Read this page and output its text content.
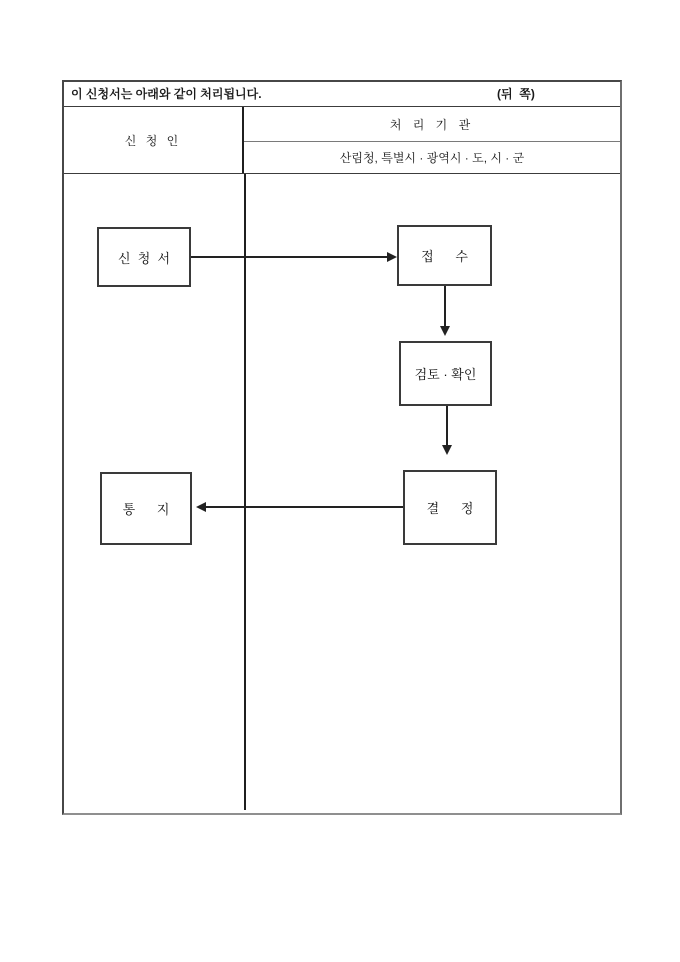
이 신청서는 아래와 같이 처리됩니다.

	(뒤  쪽)

신 청 인
처 리 기 관
산림청, 특별시 · 광역시 · 도, 시 · 군
신  청  서	접      수
검토 · 확인
결      정
통      지
